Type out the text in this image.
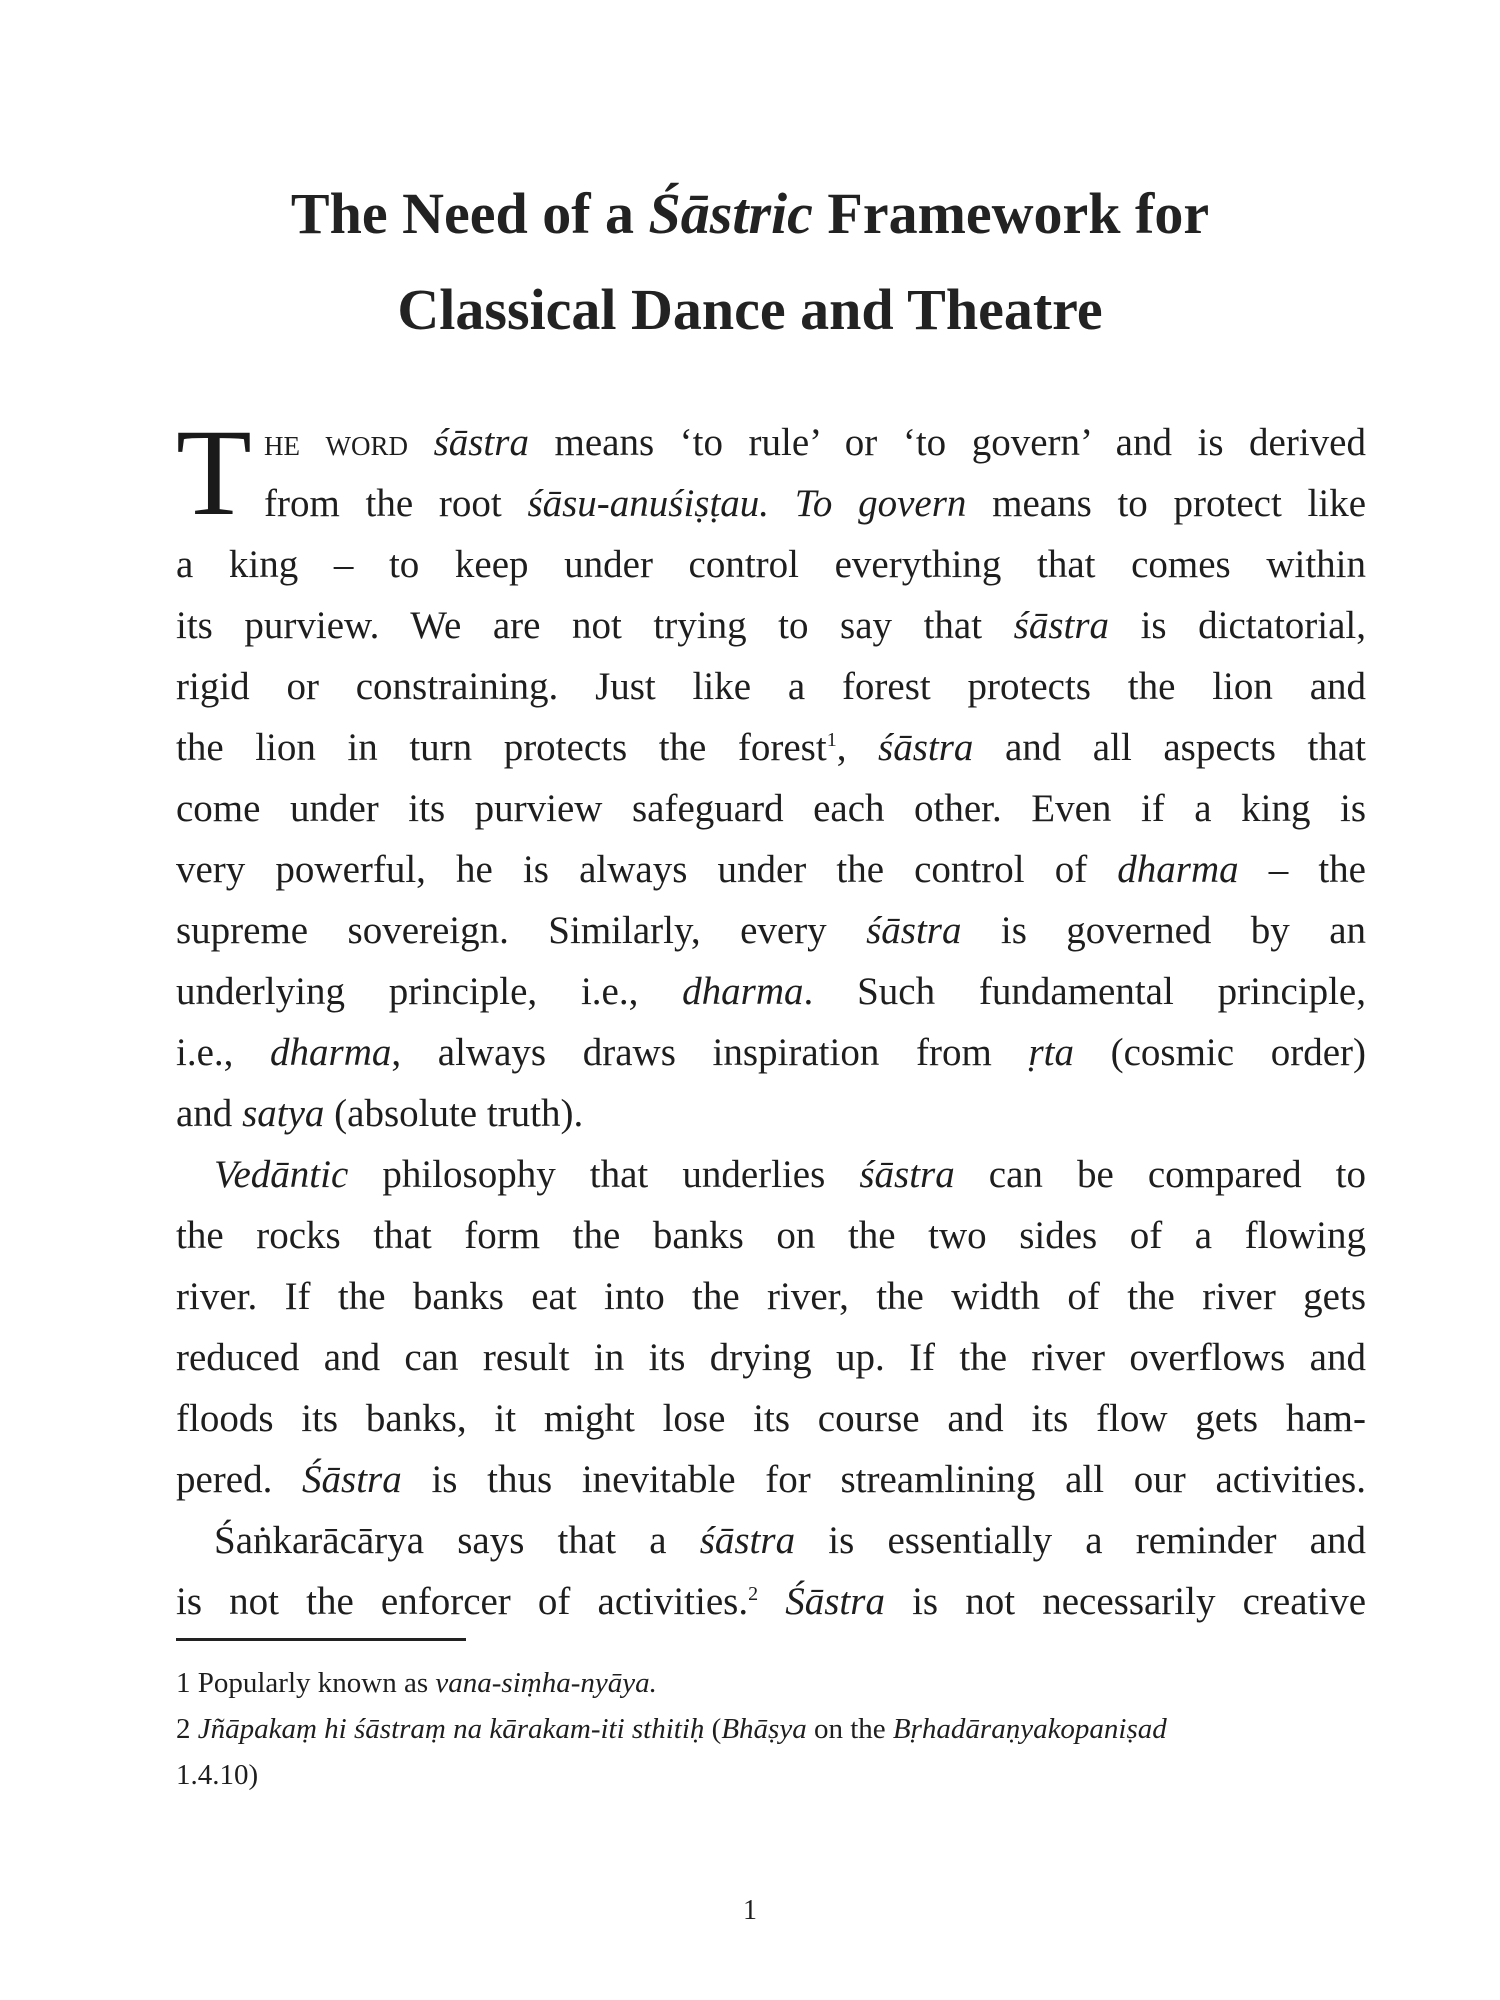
The Need of a Śāstric Framework for
Classical Dance and Theatre
T he word śāstra means ‘to rule’ or ‘to govern’ and is derived
from the root śāsu-anuśiṣṭau. To govern means to protect like
a king – to keep under control everything that comes within
its purview. We are not trying to say that śāstra is dictatorial,
rigid or constraining. Just like a forest protects the lion and
the lion in turn protects the forest$^1$, śāstra and all aspects that
come under its purview safeguard each other. Even if a king is
very powerful, he is always under the control of dharma – the
supreme sovereign. Similarly, every śāstra is governed by an
underlying principle, i.e., dharma. Such fundamental principle,
i.e., dharma, always draws inspiration from ṛta (cosmic order)
and satya (absolute truth).
Vedāntic philosophy that underlies śāstra can be compared to
the rocks that form the banks on the two sides of a flowing
river. If the banks eat into the river, the width of the river gets
reduced and can result in its drying up. If the river overflows and
floods its banks, it might lose its course and its flow gets ham-
pered. Śāstra is thus inevitable for streamlining all our activities.
Śaṅkarācārya says that a śāstra is essentially a reminder and
is not the enforcer of activities.$^2$ Śāstra is not necessarily creative
1 Popularly known as vana-siṃha-nyāya.
2 Jñāpakaṃ hi śāstraṃ na kārakam-iti sthitiḥ (Bhāṣya on the Bṛhadāraṇyakopaniṣad
1.4.10)
1
